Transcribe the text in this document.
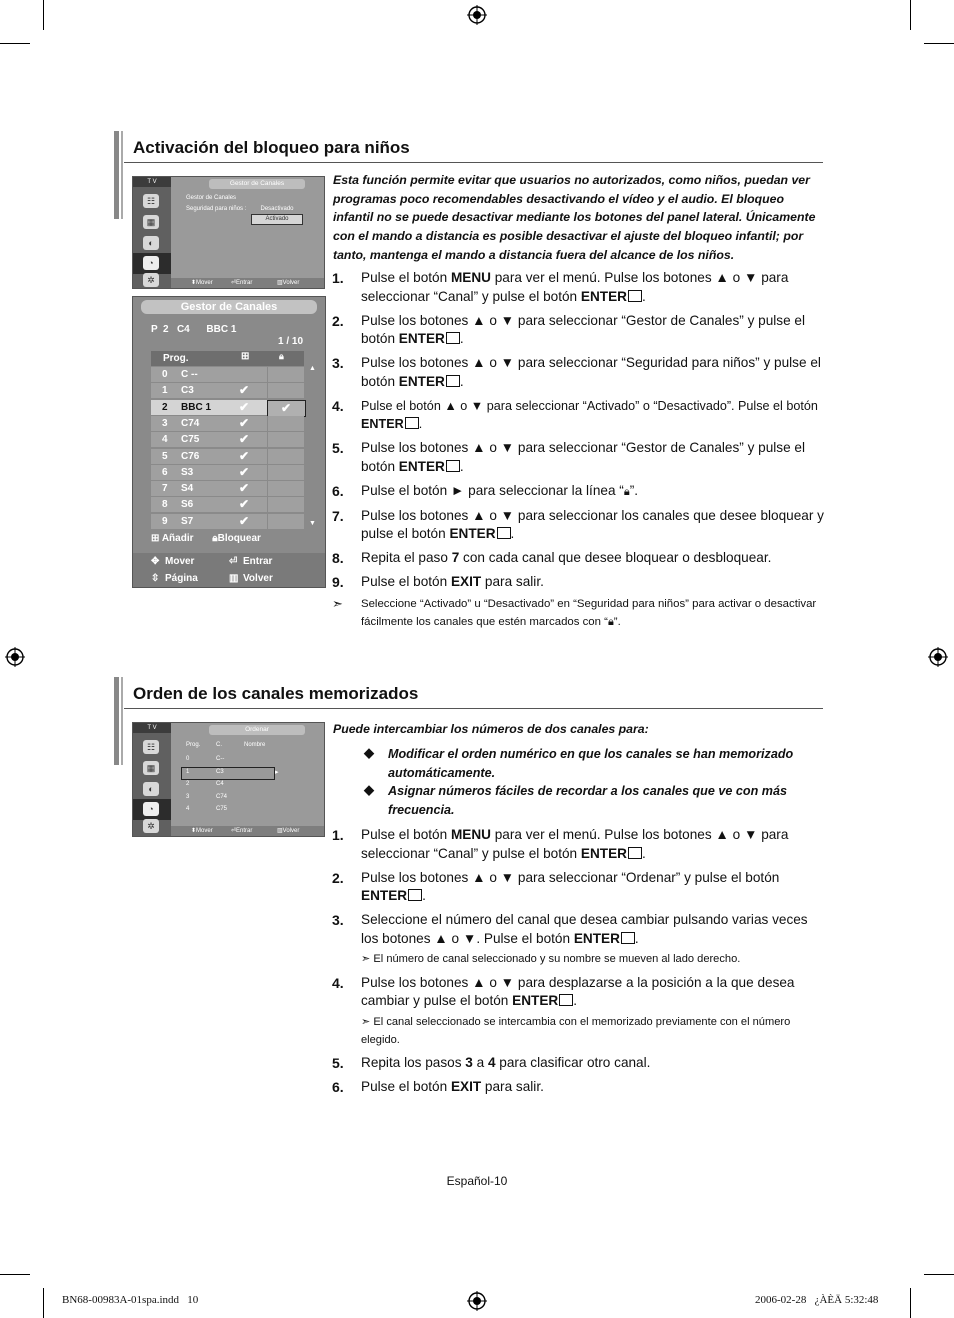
Activación del bloqueo para niños
T V
☷
▦
◐
◔
✲
Gestor de Canales
Gestor de Canales
Seguridad para niños :	Desactivado
Activado
⬍Mover	⏎Entrar	▥Volver
Gestor de Canales
P  2   C4      BBC 1
1 / 10
Prog.	⊞	🔒︎
0 C --
1 C3	✔
2 BBC 1 ✔	✔
3 C74	✔
4 C75	✔
5 C76	✔
6 S3	✔
7 S4	✔
8 S6	✔
9 S7	✔
▲
▼
⊞ Añadir 🔒︎Bloquear
✥ Mover	⏎ Entrar
⇳ Página	▥ Volver

Esta función permite evitar que usuarios no autorizados, como niños, puedan ver programas poco recomendables desactivando el vídeo y el audio. El bloqueo infantil no se puede desactivar mediante los botones del panel lateral. Únicamente con el mando a distancia es posible desactivar el ajuste del bloqueo infantil; por tanto, mantenga el mando a distancia fuera del alcance de los niños.

1. Pulse el botón MENU para ver el menú. Pulse los botones ▲ o ▼ para seleccionar “Canal” y pulse el botón ENTER .
2. Pulse los botones ▲ o ▼ para seleccionar “Gestor de Canales” y pulse el botón ENTER .
3. Pulse los botones ▲ o ▼ para seleccionar “Seguridad para niños” y pulse el botón ENTER .
4. Pulse el botón ▲ o ▼ para seleccionar “Activado” o “Desactivado”. Pulse el botón ENTER .
5. Pulse los botones ▲ o ▼ para seleccionar “Gestor de Canales” y pulse el botón ENTER .
6. Pulse el botón ► para seleccionar la línea “🔒︎”.
7. Pulse los botones ▲ o ▼ para seleccionar los canales que desee bloquear y pulse el botón ENTER .
8. Repita el paso 7 con cada canal que desee bloquear o desbloquear.
9. Pulse el botón EXIT para salir.
➣ Seleccione “Activado” u “Desactivado” en “Seguridad para niños” para activar o desactivar fácilmente los canales que estén marcados con “🔒︎”.
Orden de los canales memorizados
T V
☷
▦
◐
◔
✲
Ordenar
Prog.	C.	Nombre
0	C--
▸
1	C3
2	C4
3	C74
4	C75
⬍Mover	⏎Entrar	▥Volver

Puede intercambiar los números de dos canales para:

◆ Modificar el orden numérico en que los canales se han memorizado automáticamente.
◆ Asignar números fáciles de recordar a los canales que ve con más frecuencia.
1. Pulse el botón MENU para ver el menú. Pulse los botones ▲ o ▼ para seleccionar “Canal” y pulse el botón ENTER .
2. Pulse los botones ▲ o ▼ para seleccionar “Ordenar” y pulse el botón ENTER .
3. Seleccione el número del canal que desea cambiar pulsando varias veces los botones ▲ o ▼. Pulse el botón ENTER .
➣ El número de canal seleccionado y su nombre se mueven al lado derecho.
4. Pulse los botones ▲ o ▼ para desplazarse a la posición a la que desea cambiar y pulse el botón ENTER .
➣ El canal seleccionado se intercambia con el memorizado previamente con el número elegido.
5. Repita los pasos 3 a 4 para clasificar otro canal.
6. Pulse el botón EXIT para salir.
Español-10
BN68-00983A-01spa.indd   10	2006-02-28   ¿ÀÈÄ 5:32:48
